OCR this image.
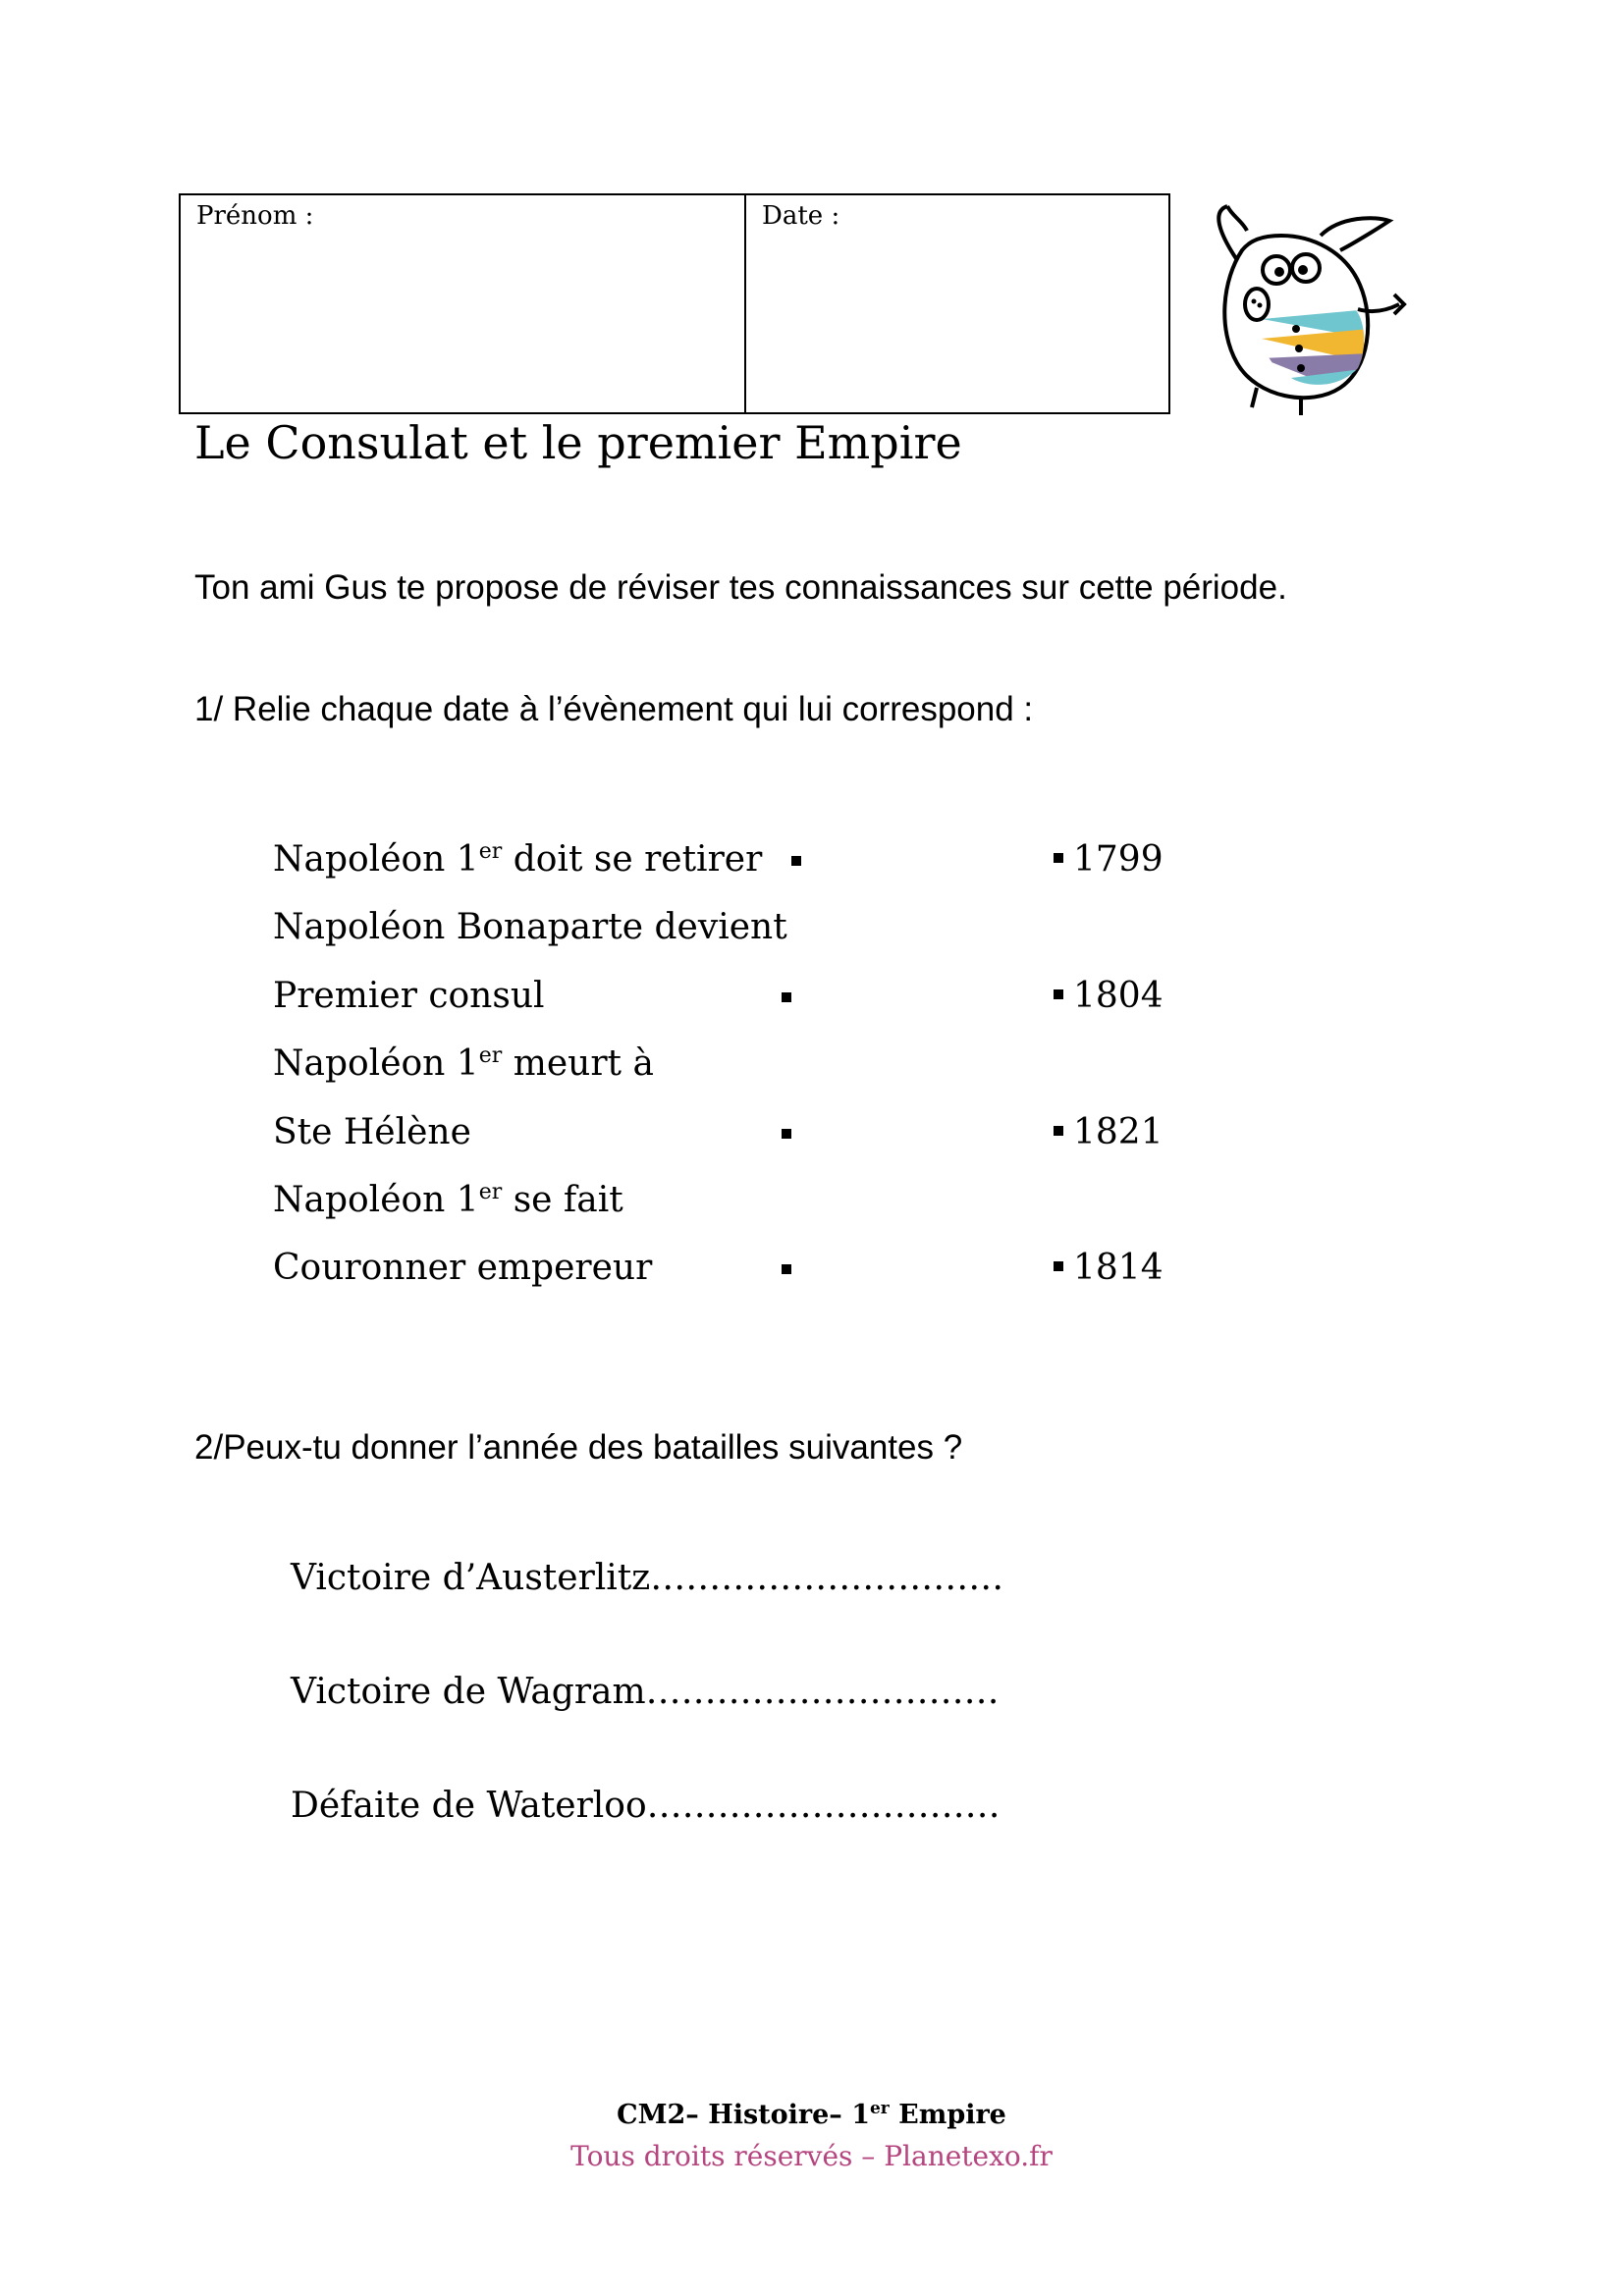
Prénom :	Date :
Le Consulat et le premier Empire
Ton ami Gus te propose de réviser tes connaissances sur cette période.
1/ Relie chaque date à l’évènement qui lui correspond :
Napoléon 1er doit se retirer
Napoléon Bonaparte devient
Premier consul
Napoléon 1er meurt à
Ste Hélène
Napoléon 1er se fait
Couronner empereur
1799
1804
1821
1814
2/Peux-tu donner l’année des batailles suivantes ?
Victoire d’Austerlitz…………………………
Victoire de Wagram…………………………
Défaite de Waterloo…………………………
CM2– Histoire– 1er Empire
Tous droits réservés – Planetexo.fr
